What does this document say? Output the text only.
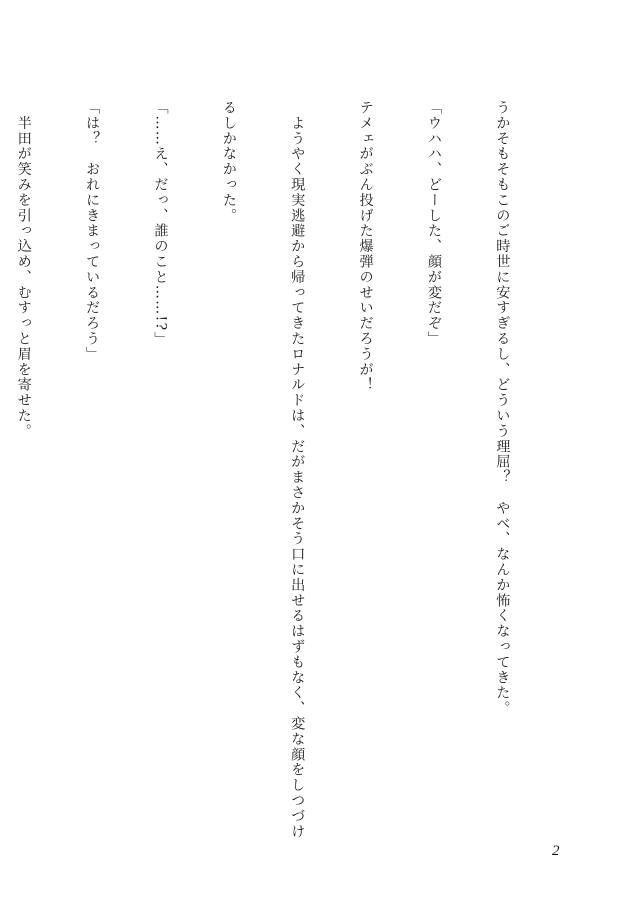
うかそもそもこのご時世に安すぎるし、どういう理屈？　やべ、なんか怖くなってきた。

「ウハハ、どーした、顔が変だぞ」

テメェがぶん投げた爆弾のせいだろうが！

　ようやく現実逃避から帰ってきたロナルドは、だがまさかそう口に出せるはずもなく、変な顔をしつづけ

るしかなかった。

「……え、だっ、誰のこと……!?」

「は？　おれにきまっているだろう」

　半田が笑みを引っ込め、むすっと眉を寄せた。

2
